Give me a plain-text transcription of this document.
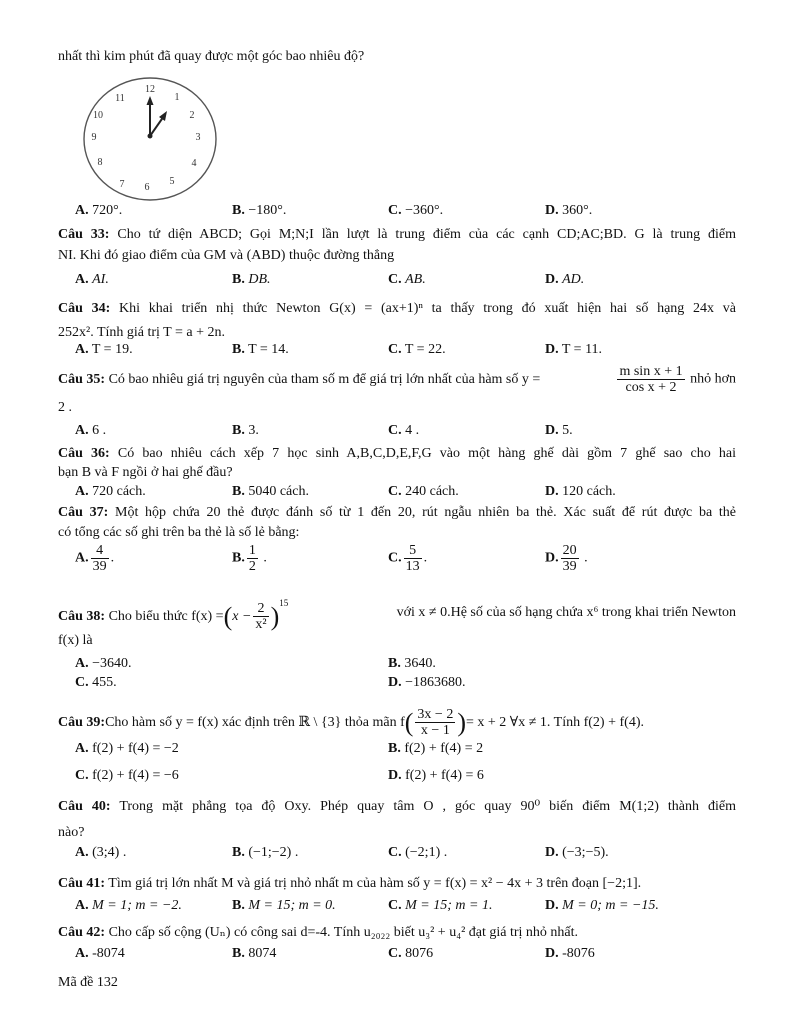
nhất thì kim phút đã quay được một góc bao nhiêu độ?
12
1
2
3
4
5
6
7
8
9
10
11
A. 720°.	B. −180°.	C. −360°.	D. 360°.
Câu 33: Cho tứ diện ABCD; Gọi M;N;I lần lượt là trung điểm của các cạnh CD;AC;BD. G là trung điểm
NI. Khi đó giao điểm của GM và (ABD) thuộc đường thẳng
A. AI.	B. DB.	C. AB.	D. AD.
Câu 34: Khi khai triển nhị thức Newton G(x) = (ax+1)ⁿ ta thấy trong đó xuất hiện hai số hạng 24x và
252x². Tính giá trị T = a + 2n.
A. T = 19.	B. T = 14.	C. T = 22.	D. T = 11.
Câu 35: Có bao nhiêu giá trị nguyên của tham số m để giá trị lớn nhất của hàm số y =	$\frac{\text{m sin x + 1}}{\text{cos x + 2}}$ nhỏ hơn
2 .
A. 6 .	B. 3.	C. 4 .	D. 5.
Câu 36: Có bao nhiêu cách xếp 7 học sinh A,B,C,D,E,F,G vào một hàng ghế dài gồm 7 ghế sao cho hai
bạn B và F ngồi ở hai ghế đầu?
A. 720 cách.	B. 5040 cách.	C. 240 cách.	D. 120 cách.
Câu 37: Một hộp chứa 20 thẻ được đánh số từ 1 đến 20, rút ngẫu nhiên ba thẻ. Xác suất để rút được ba thẻ
có tổng các số ghi trên ba thẻ là số lẻ bằng:
A. $\frac{4}{39}$ .	B. $\frac{1}{2}$ .	C. $\frac{5}{13}$ .	D. $\frac{20}{39}$ .
Câu 38: Cho biểu thức $f(x) =(x - \frac{2}{\text{x²}} )^{15}$
với x ≠ 0.Hệ số của số hạng chứa x⁶ trong khai triển Newton
f(x) là
A. −3640.	B. 3640.
C. 455.	D. −1863680.
Câu 39: Cho hàm số y = f(x) xác định trên ℝ \ {3} thỏa mãn f ( $\frac{3x - 2}{x - 1}$ ) = x + 2 ∀x ≠ 1. Tính f(2) + f(4).
A. f(2) + f(4) = −2	B. f(2) + f(4) = 2
C. f(2) + f(4) = −6	D. f(2) + f(4) = 6
Câu 40: Trong mặt phẳng tọa độ Oxy. Phép quay tâm O , góc quay 90⁰ biến điểm M(1;2) thành điểm
nào?
A. (3;4) .	B. (−1;−2) .	C. (−2;1) .	D. (−3;−5).
Câu 41: Tìm giá trị lớn nhất M và giá trị nhỏ nhất m của hàm số y = f(x) = x² − 4x + 3 trên đoạn [−2;1].
A. M = 1; m = −2.	B. M = 15; m = 0.	C. M = 15; m = 1.	D. M = 0; m = −15.
Câu 42: Cho cấp số cộng (Uₙ) có công sai d=-4. Tính u₂₀₂₂ biết u₃² + u₄² đạt giá trị nhỏ nhất.
A. -8074	B. 8074	C. 8076	D. -8076
Mã đề 132
